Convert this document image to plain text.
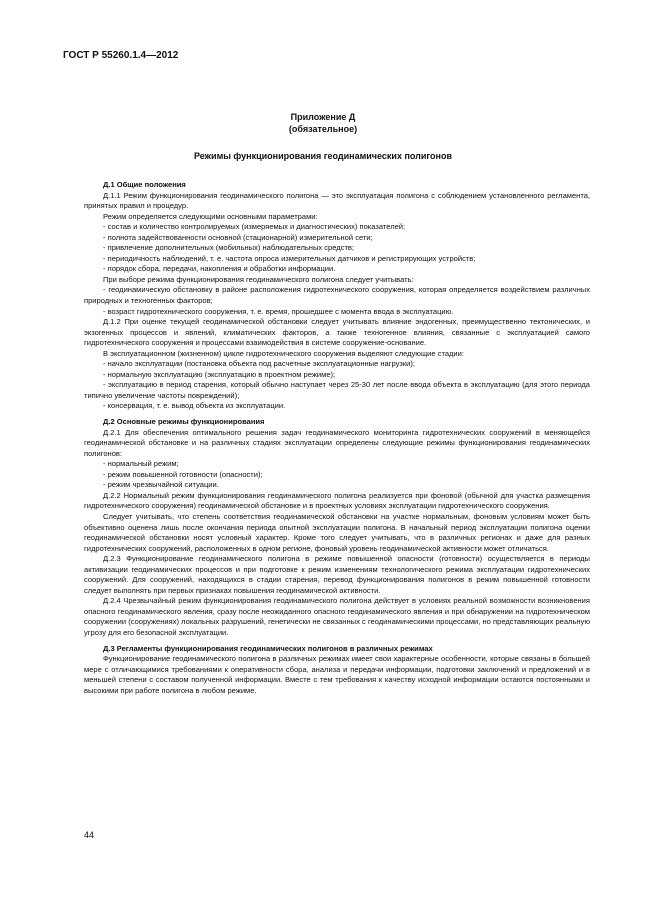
ГОСТ Р 55260.1.4—2012
Приложение Д
(обязательное)
Режимы функционирования геодинамических полигонов

Д.1 Общие положения

Д.1.1 Режим функционирования геодинамического полигона — это эксплуатация полигона с соблюдением установленного регламента, принятых правил и процедур.

Режим определяется следующими основными параметрами:

- состав и количество контролируемых (измеряемых и диагностических) показателей;

- полнота задействованности основной (стационарной) измерительной сети;

- привлечение дополнительных (мобильных) наблюдательных средств;

- периодичность наблюдений, т. е. частота опроса измерительных датчиков и регистрирующих устройств;

- порядок сбора, передачи, накопления и обработки информации.

При выборе режима функционирования геодинамического полигона следует учитывать:

- геодинамическую обстановку в районе расположения гидротехнического сооружения, которая определяется воздействием различных природных и техногенных факторов;

- возраст гидротехнического сооружения, т. е. время, прошедшее с момента ввода в эксплуатацию.

Д.1.2 При оценке текущей геодинамической обстановки следует учитывать влияние эндогенных, преимущественно тектонических, и экзогенных процессов и явлений, климатических факторов, а также техногенное влияния, связанные с эксплуатацией самого гидротехнического сооружения и процессами взаимодействия в системе сооружение-основание.

В эксплуатационном (жизненном) цикле гидротехнического сооружения выделяют следующие стадии:

- начало эксплуатации (постановка объекта под расчетные эксплуатационные нагрузки);

- нормальную эксплуатацию (эксплуатацию в проектном режиме);

- эксплуатацию в период старения, который обычно наступает через 25-30 лет после ввода объекта в эксплуатацию (для этого периода типично увеличение частоты повреждений);

- консервация, т. е. вывод объекта из эксплуатации.

Д.2 Основные режимы функционирования

Д.2.1 Для обеспечения оптимального решения задач геодинамического мониторинга гидротехнических сооружений в меняющейся геодинамической обстановке и на различных стадиях эксплуатации определены следующие режимы функционирования геодинамических полигонов:

- нормальный режим;

- режим повышенной готовности (опасности);

- режим чрезвычайной ситуации.

Д.2.2 Нормальный режим функционирования геодинамического полигона реализуется при фоновой (обычной для участка размещения гидротехнического сооружения) геодинамической обстановке и в проектных условиях эксплуатации гидротехнического сооружения.

Следует учитывать, что степень соответствия геодинамической обстановки на участке нормальным, фоновым условиям может быть объективно оценена лишь после окончания периода опытной эксплуатации полигона. В начальный период эксплуатации полигона оценки геодинамической обстановки носят условный характер. Кроме того следует учитывать, что в различных регионах и даже для разных гидротехнических сооружений, расположенных в одном регионе, фоновый уровень геодинамической активности может отличаться.

Д.2.3 Функционирование геодинамического полигона в режиме повышенной опасности (готовности) осуществляется в периоды активизации геодинамических процессов и при подготовке к режим изменениям технологического режима эксплуатации гидротехнических сооружений. Для сооружений, находящихся в стадии старения, перевод функционирования полигонов в режим повышенной готовности следует выполнять при первых признаках повышения геодинамической активности.

Д.2.4 Чрезвычайный режим функционирования геодинамического полигона действует в условиях реальной возможности возникновения опасного геодинамического явления, сразу после неожиданного опасного геодинамического явления и при обнаружении на гидротехническом сооружении (сооружениях) локальных разрушений, генетически не связанных с геодинамическими процессами, но представляющих реальную угрозу для его безопасной эксплуатации.

Д.3 Регламенты функционирования геодинамических полигонов в различных режимах

Функционирование геодинамического полигона в различных режимах имеет свои характерные особенности, которые связаны в большей мере с отличающимися требованиями к оперативности сбора, анализа и передачи информации, подготовки заключений и предложений и в меньшей степени с составом полученной информации. Вместе с тем требования к качеству исходной информации остаются постоянными и высокими при работе полигона в любом режиме.

44
